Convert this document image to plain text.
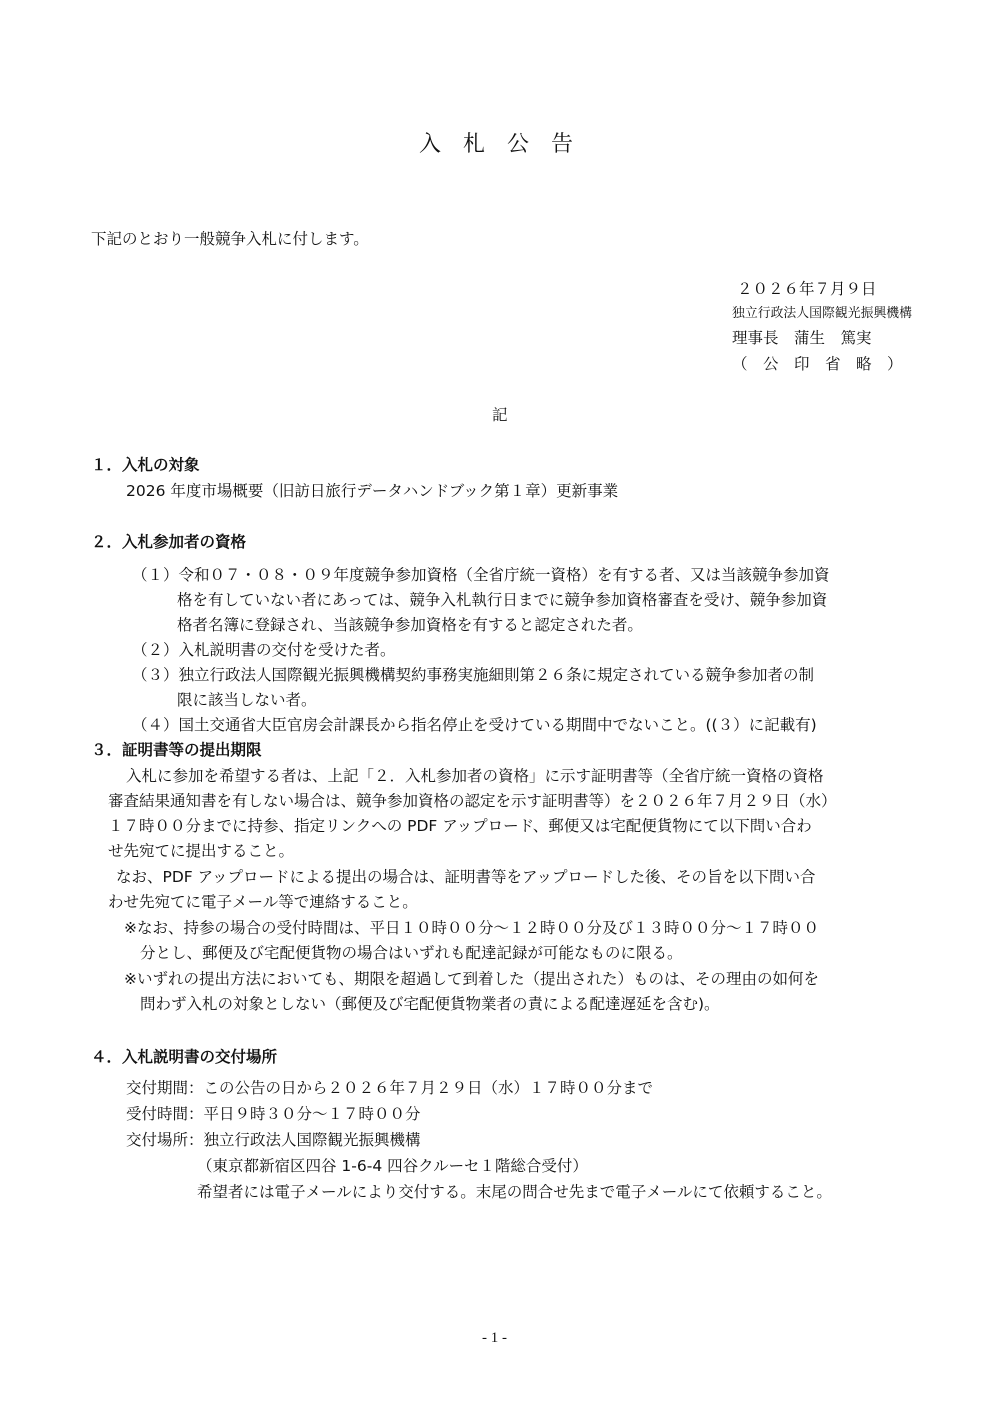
入　札　公　告
下記のとおり一般競争入札に付します。
２０２６年７月９日
独立行政法人国際観光振興機構
理事長　蒲生　篤実
（　公　印　省　略　）
記
１．入札の対象
2026 年度市場概要（旧訪日旅行データハンドブック第１章）更新事業
２．入札参加者の資格
（１）令和０７・０８・０９年度競争参加資格（全省庁統一資格）を有する者、又は当該競争参加資
格を有していない者にあっては、競争入札執行日までに競争参加資格審査を受け、競争参加資
格者名簿に登録され、当該競争参加資格を有すると認定された者。
（２）入札説明書の交付を受けた者。
（３）独立行政法人国際観光振興機構契約事務実施細則第２６条に規定されている競争参加者の制
限に該当しない者。
（４）国土交通省大臣官房会計課長から指名停止を受けている期間中でないこと。((３）に記載有)
３．証明書等の提出期限
入札に参加を希望する者は、上記「２．入札参加者の資格」に示す証明書等（全省庁統一資格の資格
審査結果通知書を有しない場合は、競争参加資格の認定を示す証明書等）を２０２６年７月２９日（水）
１７時００分までに持参、指定リンクへの PDF アップロード、郵便又は宅配便貨物にて以下問い合わ
せ先宛てに提出すること。
なお、PDF アップロードによる提出の場合は、証明書等をアップロードした後、その旨を以下問い合
わせ先宛てに電子メール等で連絡すること。
※なお、持参の場合の受付時間は、平日１０時００分～１２時００分及び１３時００分～１７時００
分とし、郵便及び宅配便貨物の場合はいずれも配達記録が可能なものに限る。
※いずれの提出方法においても、期限を超過して到着した（提出された）ものは、その理由の如何を
問わず入札の対象としない（郵便及び宅配便貨物業者の責による配達遅延を含む)。
４．入札説明書の交付場所
交付期間：この公告の日から２０２６年７月２９日（水）１７時００分まで
受付時間：平日９時３０分～１７時００分
交付場所：独立行政法人国際観光振興機構
（東京都新宿区四谷 1-6-4 四谷クルーセ１階総合受付）
希望者には電子メールにより交付する。末尾の問合せ先まで電子メールにて依頼すること。
- 1 -
